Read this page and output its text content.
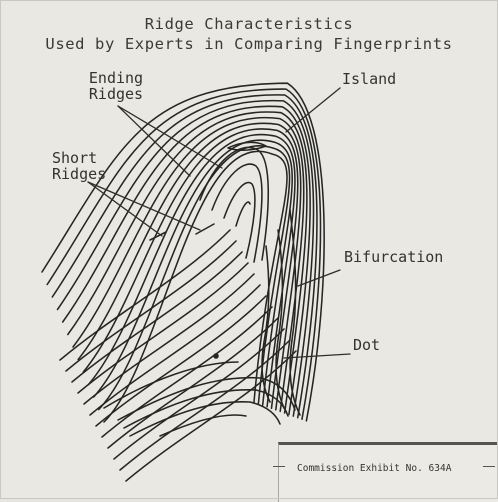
Ridge Characteristics
Used by Experts in Comparing Fingerprints
Ending
Ridges
Short
Ridges
Island
Bifurcation
Dot
Commission Exhibit No. 634A
